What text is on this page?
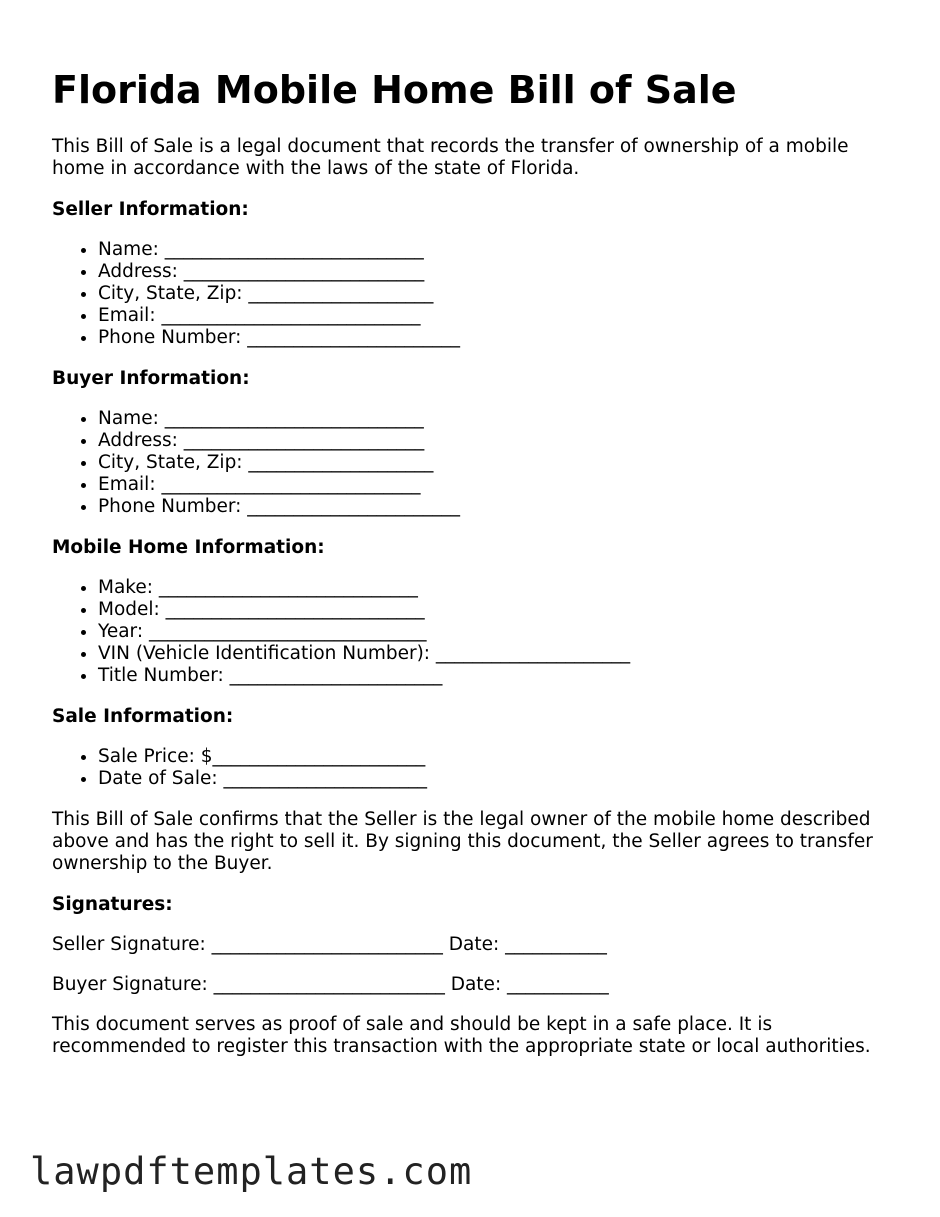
Florida Mobile Home Bill of Sale

This Bill of Sale is a legal document that records the transfer of ownership of a mobile home in accordance with the laws of the state of Florida.

Seller Information:
• Name: ____________________________
• Address: __________________________
• City, State, Zip: ____________________
• Email: ____________________________
• Phone Number: _______________________
Buyer Information:
• Name: ____________________________
• Address: __________________________
• City, State, Zip: ____________________
• Email: ____________________________
• Phone Number: _______________________
Mobile Home Information:
• Make: ____________________________
• Model: ____________________________
• Year: ______________________________
• VIN (Vehicle Identification Number): _____________________
• Title Number: _______________________
Sale Information:
• Sale Price: $_______________________
• Date of Sale: ______________________

This Bill of Sale confirms that the Seller is the legal owner of the mobile home described above and has the right to sell it. By signing this document, the Seller agrees to transfer ownership to the Buyer.

Signatures:
Seller Signature: _________________________ Date: ___________
Buyer Signature: _________________________ Date: ___________

This document serves as proof of sale and should be kept in a safe place. It is recommended to register this transaction with the appropriate state or local authorities.

lawpdftemplates.com
